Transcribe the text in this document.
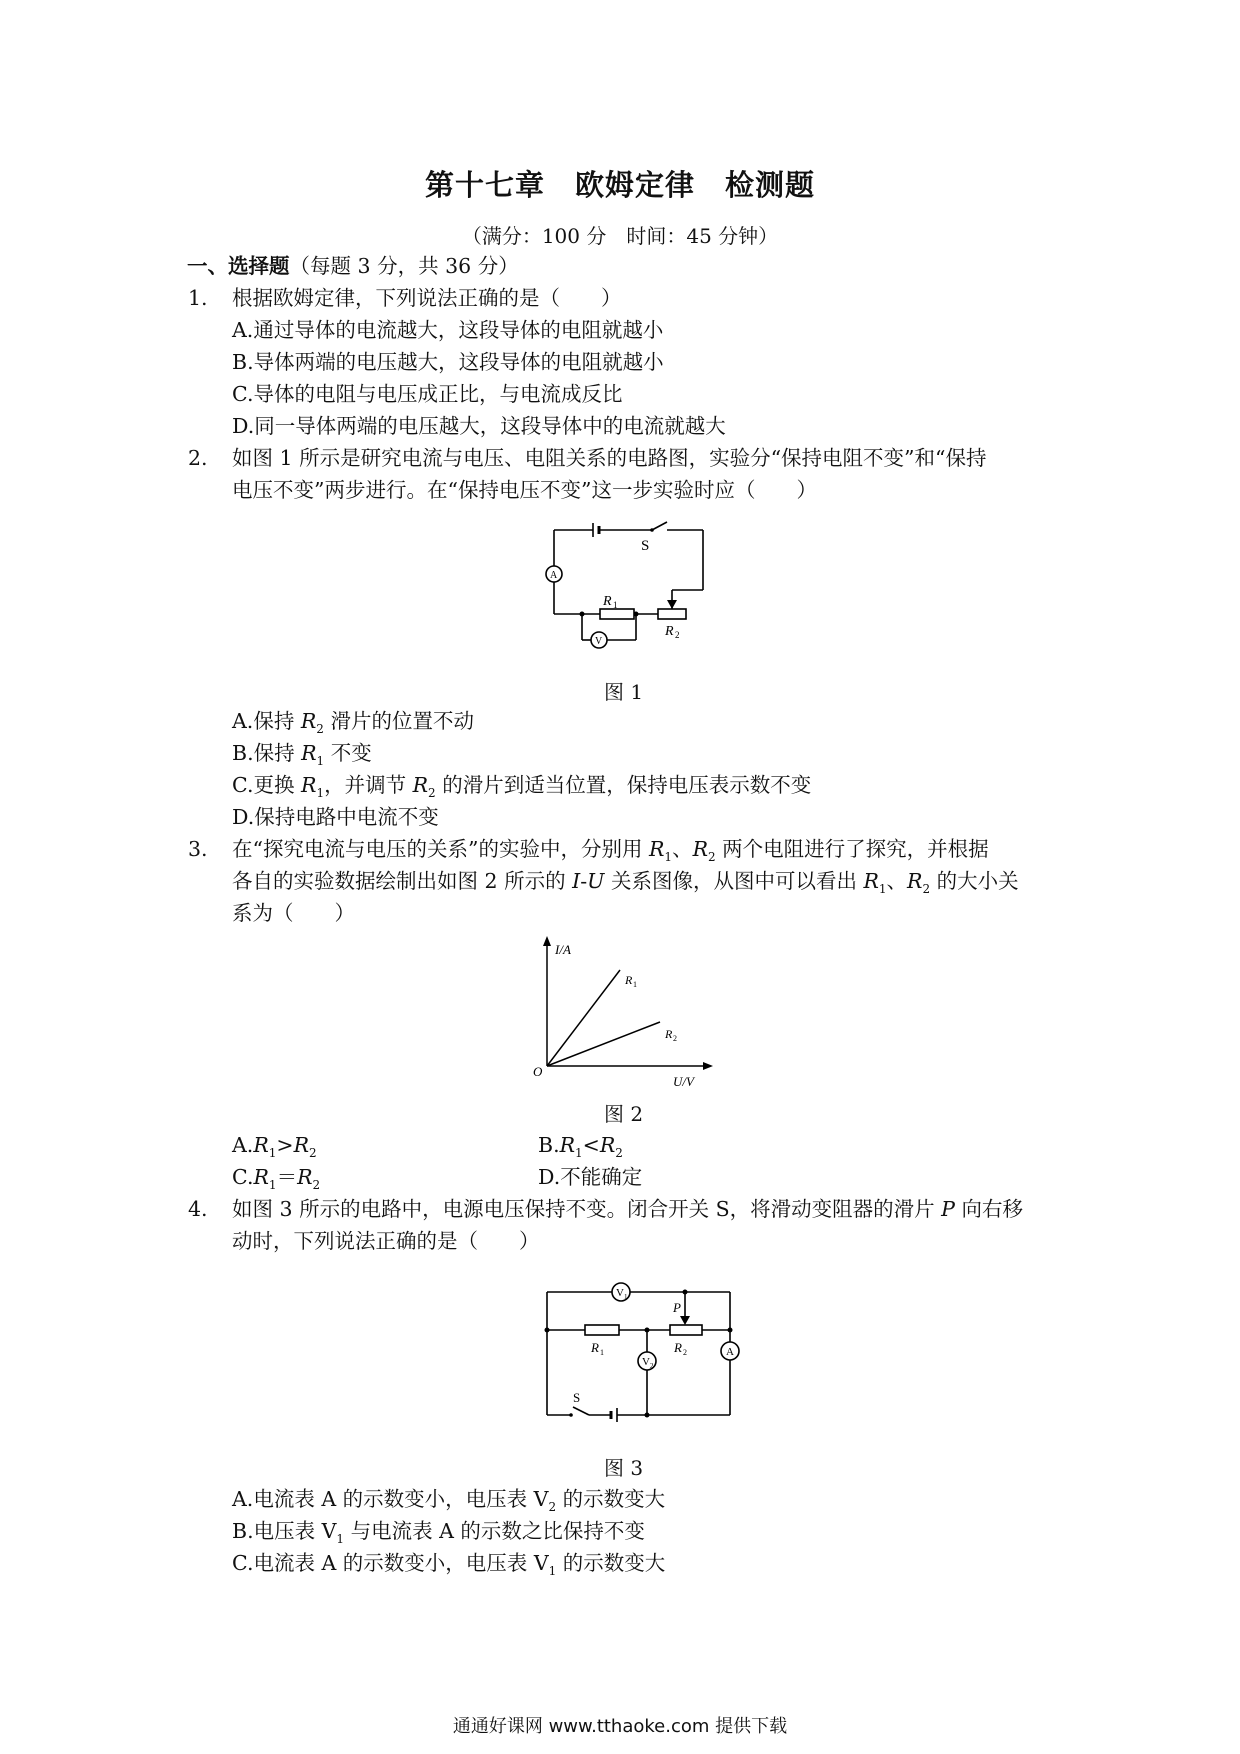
第十七章　欧姆定律　检测题
（满分：100 分　时间：45 分钟）
一、选择题（每题 3 分，共 36 分）
1. 根据欧姆定律，下列说法正确的是（　　）
A.通过导体的电流越大，这段导体的电阻就越小
B.导体两端的电压越大，这段导体的电阻就越小
C.导体的电阻与电压成正比，与电流成反比
D.同一导体两端的电压越大，这段导体中的电流就越大
2. 如图 1 所示是研究电流与电压、电阻关系的电路图，实验分“保持电阻不变”和“保持
电压不变”两步进行。在“保持电压不变”这一步实验时应（　　）
S
A
V
R 1
R 2
图 1
A.保持 $R_2$ 滑片的位置不动
B.保持 $R_1$ 不变
C.更换 $R_1$，并调节 $R_2$ 的滑片到适当位置，保持电压表示数不变
D.保持电路中电流不变
3. 在“探究电流与电压的关系”的实验中，分别用 $R_1$、$R_2$ 两个电阻进行了探究，并根据
各自的实验数据绘制出如图 2 所示的 I-U 关系图像，从图中可以看出 $R_1$、$R_2$ 的大小关
系为（　　）
I/A
U/V
O
R 1
R 2
图 2
$A.R_1>R_2$	$B.R_1<R_2$
$C.R_1=R_2$	D.不能确定
4. 如图 3 所示的电路中，电源电压保持不变。闭合开关 S，将滑动变阻器的滑片 P 向右移
动时，下列说法正确的是（　　）
V 1
V 2
A
P
S
R 1	R 2
图 3
A.电流表 A 的示数变小，电压表 $V_2$ 的示数变大
B.电压表 $V_1$ 与电流表 A 的示数之比保持不变
C.电流表 A 的示数变小，电压表 $V_1$ 的示数变大
通通好课网 www.tthaoke.com 提供下载
